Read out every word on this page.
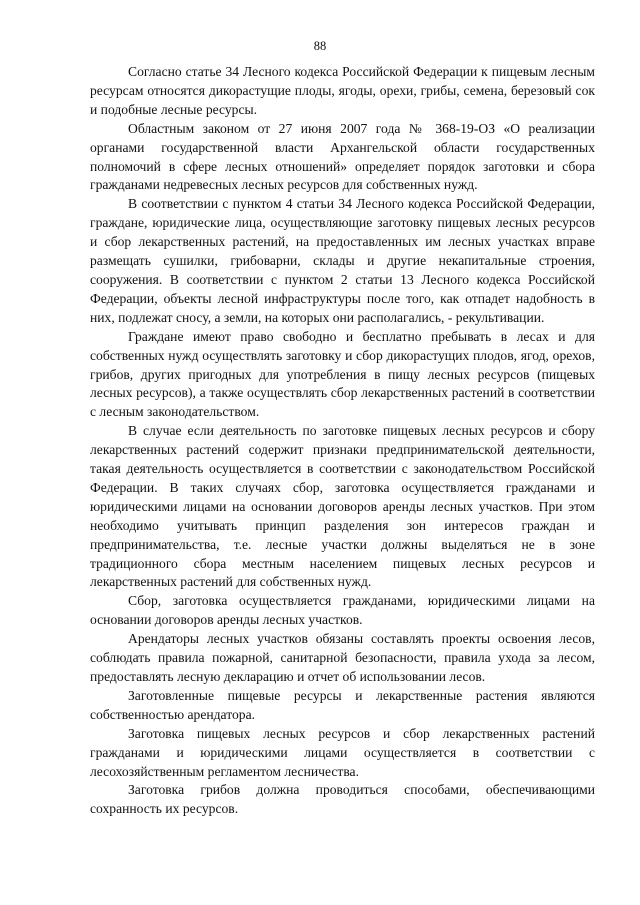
88

Согласно статье 34 Лесного кодекса Российской Федерации к пищевым лесным ресурсам относятся дикорастущие плоды, ягоды, орехи, грибы, семена, березовый сок и подобные лесные ресурсы.

Областным законом от 27 июня 2007 года № 368-19-ОЗ «О реализации органами государственной власти Архангельской области государственных полномочий в сфере лесных отношений» определяет порядок заготовки и сбора гражданами недревесных лесных ресурсов для собственных нужд.

В соответствии с пунктом 4 статьи 34 Лесного кодекса Российской Федерации, граждане, юридические лица, осуществляющие заготовку пищевых лесных ресурсов и сбор лекарственных растений, на предоставленных им лесных участках вправе размещать сушилки, грибоварни, склады и другие некапитальные строения, сооружения. В соответствии с пунктом 2 статьи 13 Лесного кодекса Российской Федерации, объекты лесной инфраструктуры после того, как отпадет надобность в них, подлежат сносу, а земли, на которых они располагались, - рекультивации.

Граждане имеют право свободно и бесплатно пребывать в лесах и для собственных нужд осуществлять заготовку и сбор дикорастущих плодов, ягод, орехов, грибов, других пригодных для употребления в пищу лесных ресурсов (пищевых лесных ресурсов), а также осуществлять сбор лекарственных растений в соответствии с лесным законодательством.

В случае если деятельность по заготовке пищевых лесных ресурсов и сбору лекарственных растений содержит признаки предпринимательской деятельности, такая деятельность осуществляется в соответствии с законодательством Российской Федерации. В таких случаях сбор, заготовка осуществляется гражданами и юридическими лицами на основании договоров аренды лесных участков. При этом необходимо учитывать принцип разделения зон интересов граждан и предпринимательства, т.е. лесные участки должны выделяться не в зоне традиционного сбора местным населением пищевых лесных ресурсов и лекарственных растений для собственных нужд.

Сбор, заготовка осуществляется гражданами, юридическими лицами на основании договоров аренды лесных участков.

Арендаторы лесных участков обязаны составлять проекты освоения лесов, соблюдать правила пожарной, санитарной безопасности, правила ухода за лесом, предоставлять лесную декларацию и отчет об использовании лесов.

Заготовленные пищевые ресурсы и лекарственные растения являются собственностью арендатора.

Заготовка пищевых лесных ресурсов и сбор лекарственных растений гражданами и юридическими лицами осуществляется в соответствии с лесохозяйственным регламентом лесничества.

Заготовка грибов должна проводиться способами, обеспечивающими сохранность их ресурсов.
